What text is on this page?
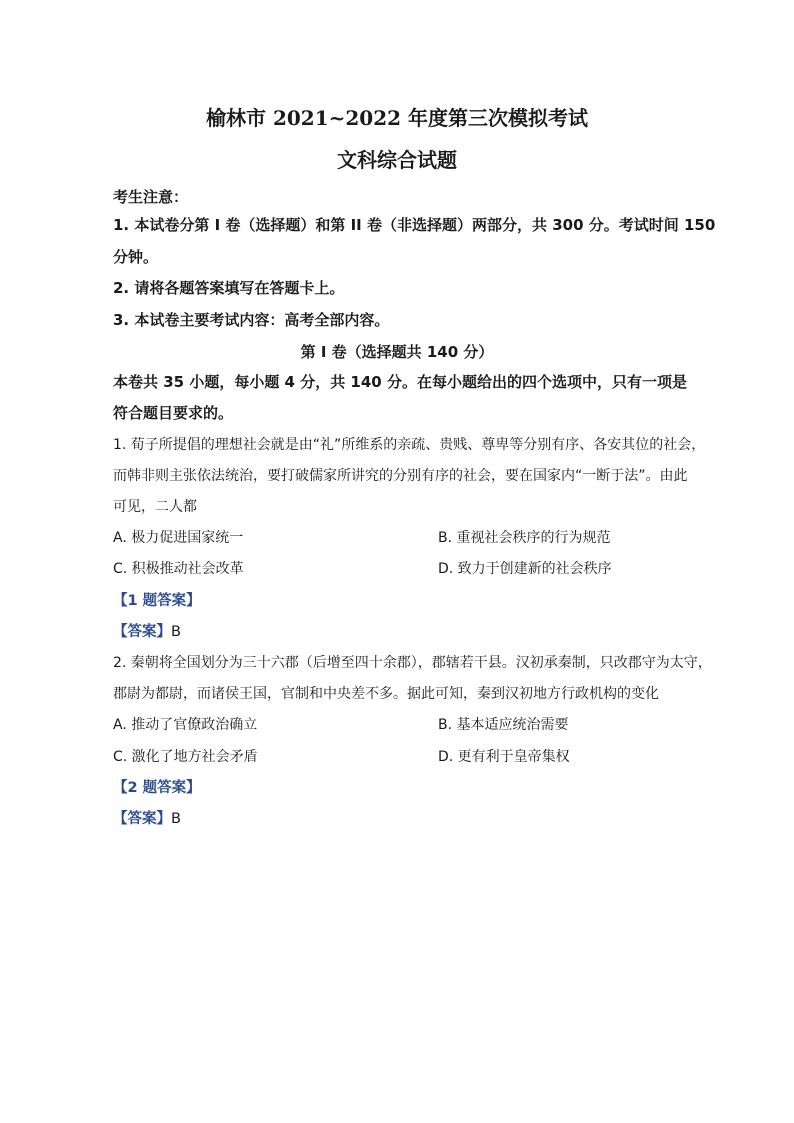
榆林市 2021~2022 年度第三次模拟考试
文科综合试题
考生注意：
1. 本试卷分第 I 卷（选择题）和第 II 卷（非选择题）两部分，共 300 分。考试时间 150
分钟。
2. 请将各题答案填写在答题卡上。
3. 本试卷主要考试内容：高考全部内容。
第 I 卷（选择题共 140 分）
本卷共 35 小题，每小题 4 分，共 140 分。在每小题给出的四个选项中，只有一项是
符合题目要求的。
1. 荀子所提倡的理想社会就是由“礼”所维系的亲疏、贵贱、尊卑等分别有序、各安其位的社会，
而韩非则主张依法统治，要打破儒家所讲究的分别有序的社会，要在国家内“一断于法”。由此
可见，二人都
A. 极力促进国家统一	B. 重视社会秩序的行为规范
C. 积极推动社会改革	D. 致力于创建新的社会秩序
【1 题答案】
【答案】B
2. 秦朝将全国划分为三十六郡（后增至四十余郡），郡辖若干县。汉初承秦制，只改郡守为太守，
郡尉为都尉，而诸侯王国，官制和中央差不多。据此可知，秦到汉初地方行政机构的变化
A. 推动了官僚政治确立	B. 基本适应统治需要
C. 激化了地方社会矛盾	D. 更有利于皇帝集权
【2 题答案】
【答案】B
